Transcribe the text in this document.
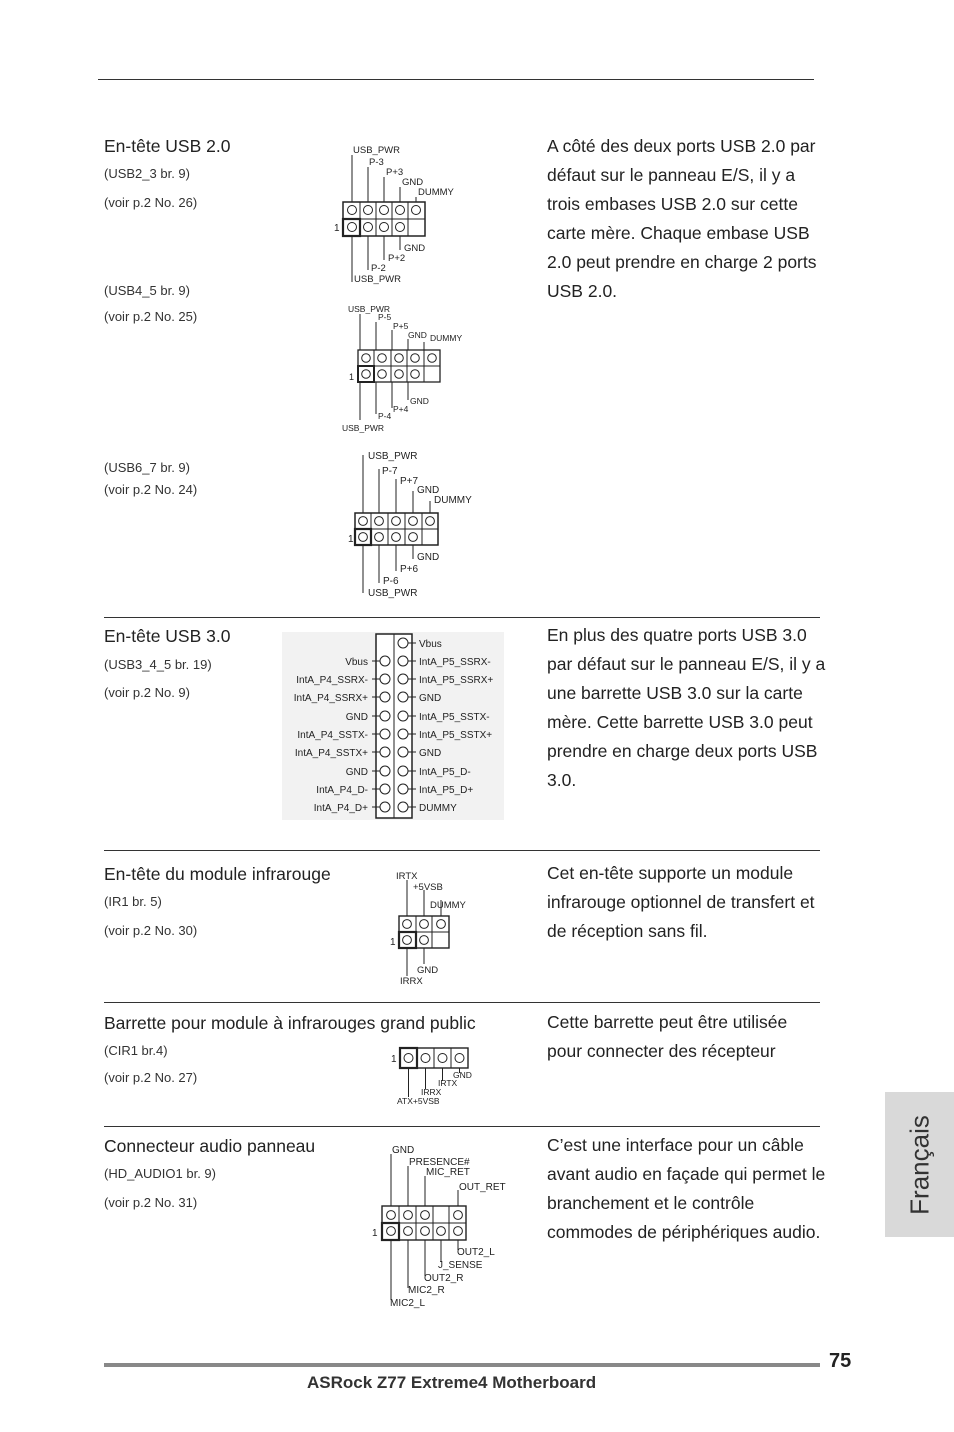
En-tête USB 2.0
(USB2_3 br. 9)
(voir p.2 No. 26)
(USB4_5 br. 9)
(voir p.2 No. 25)
(USB6_7 br. 9)
(voir p.2 No. 24)
A côté des deux ports USB 2.0 par défaut sur le panneau E/S, il y a trois embases USB 2.0 sur cette carte mère. Chaque embase USB 2.0 peut prendre en charge 2 ports USB 2.0.
USB_PWR
P-3
P+3
GND
DUMMY
1
GND
P+2
P-2
USB_PWR
USB_PWR
P-5
P+5
GND DUMMY
1
GND
P+4
P-4
USB_PWR
USB_PWR
P-7
P+7
GND
DUMMY
1
GND
P+6
P-6
USB_PWR
En-tête USB 3.0
(USB3_4_5 br. 19)
(voir p.2 No. 9)
En plus des quatre ports USB 3.0 par défaut sur le panneau E/S, il y a une barrette USB 3.0 sur la carte mère. Cette barrette USB 3.0 peut prendre en charge deux ports USB 3.0.
Vbus
IntA_P5_SSRX-
IntA_P5_SSRX+
GND
IntA_P5_SSTX-
IntA_P5_SSTX+
GND
IntA_P5_D-
IntA_P5_D+
DUMMY
Vbus
IntA_P4_SSRX-
IntA_P4_SSRX+
GND
IntA_P4_SSTX-
IntA_P4_SSTX+
GND
IntA_P4_D-
IntA_P4_D+
En-tête du module infrarouge
(IR1 br. 5)
(voir p.2 No. 30)
Cet en-tête supporte un module infrarouge optionnel de transfert et de réception sans fil.
IRTX
+5VSB
DUMMY
1
GND
IRRX
Barrette pour module à infrarouges grand public
(CIR1 br.4)
(voir p.2 No. 27)
Cette barrette peut être utilisée pour connecter des récepteur
1
GND
IRTX
IRRX
ATX+5VSB
Connecteur audio panneau
(HD_AUDIO1 br. 9)
(voir p.2 No. 31)
C’est une interface pour un câble avant audio en façade qui permet le branchement et le contrôle commodes de périphériques audio.
GND
PRESENCE#
MIC_RET
OUT_RET
1
OUT2_L
J_SENSE
OUT2_R
MIC2_R
MIC2_L
Français
75
ASRock Z77 Extreme4 Motherboard
